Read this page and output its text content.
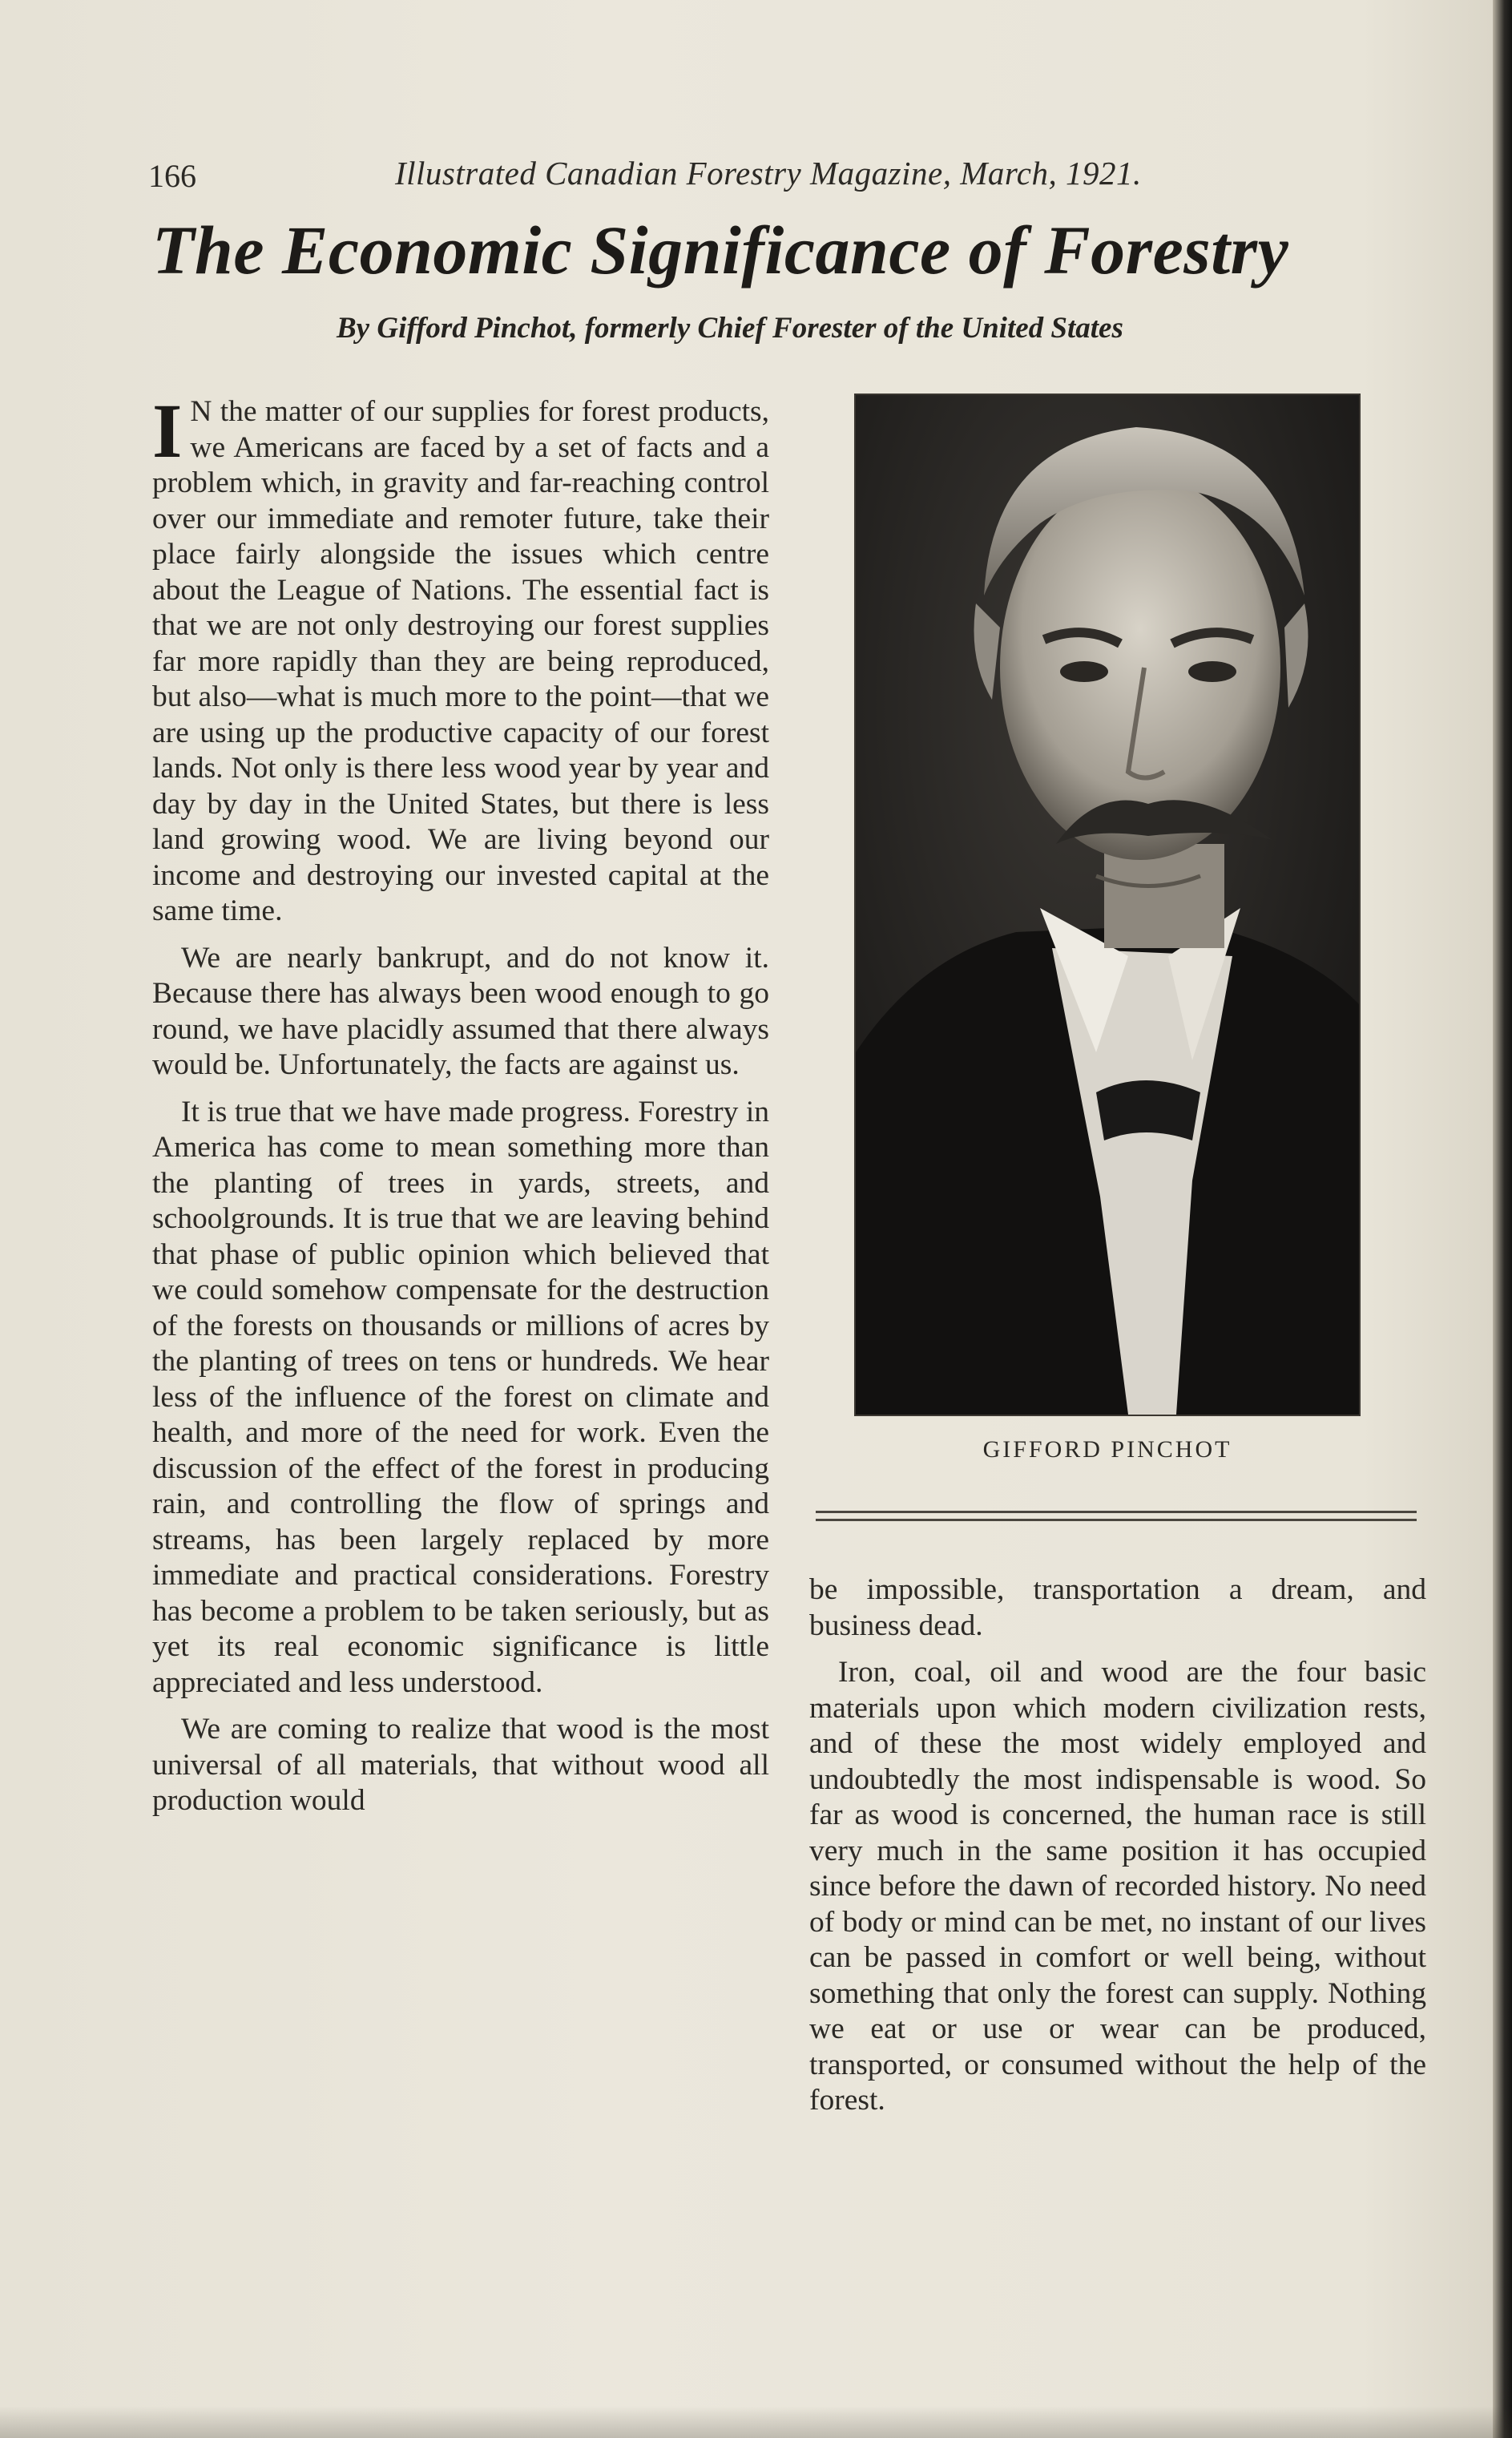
166	Illustrated Canadian Forestry Magazine, March, 1921.
The Economic Significance of Forestry
By Gifford Pinchot, formerly Chief Forester of the United States

I N the matter of our supplies for forest products, we Americans are faced by a set of facts and a problem which, in gravity and far-reaching control over our immediate and remoter future, take their place fairly alongside the issues which centre about the League of Nations. The essential fact is that we are not only destroying our forest supplies far more rapidly than they are being reproduced, but also—what is much more to the point—that we are using up the productive capacity of our forest lands. Not only is there less wood year by year and day by day in the United States, but there is less land growing wood. We are living beyond our income and destroying our invested capital at the same time.

We are nearly bankrupt, and do not know it. Because there has always been wood enough to go round, we have placidly assumed that there always would be. Unfortunately, the facts are against us.

It is true that we have made progress. Forestry in America has come to mean something more than the planting of trees in yards, streets, and schoolgrounds. It is true that we are leaving behind that phase of public opinion which believed that we could somehow compensate for the destruction of the forests on thousands or millions of acres by the planting of trees on tens or hundreds. We hear less of the influence of the forest on climate and health, and more of the need for work. Even the discussion of the effect of the forest in producing rain, and controlling the flow of springs and streams, has been largely replaced by more immediate and practical considerations. Forestry has become a problem to be taken seriously, but as yet its real economic significance is little appreciated and less understood.

We are coming to realize that wood is the most universal of all materials, that without wood all production would

GIFFORD PINCHOT

be impossible, transportation a dream, and business dead.

Iron, coal, oil and wood are the four basic materials upon which modern civilization rests, and of these the most widely employed and undoubtedly the most indispensable is wood. So far as wood is concerned, the human race is still very much in the same position it has occupied since before the dawn of recorded history. No need of body or mind can be met, no instant of our lives can be passed in comfort or well being, without something that only the forest can supply. Nothing we eat or use or wear can be produced, transported, or consumed without the help of the forest.
